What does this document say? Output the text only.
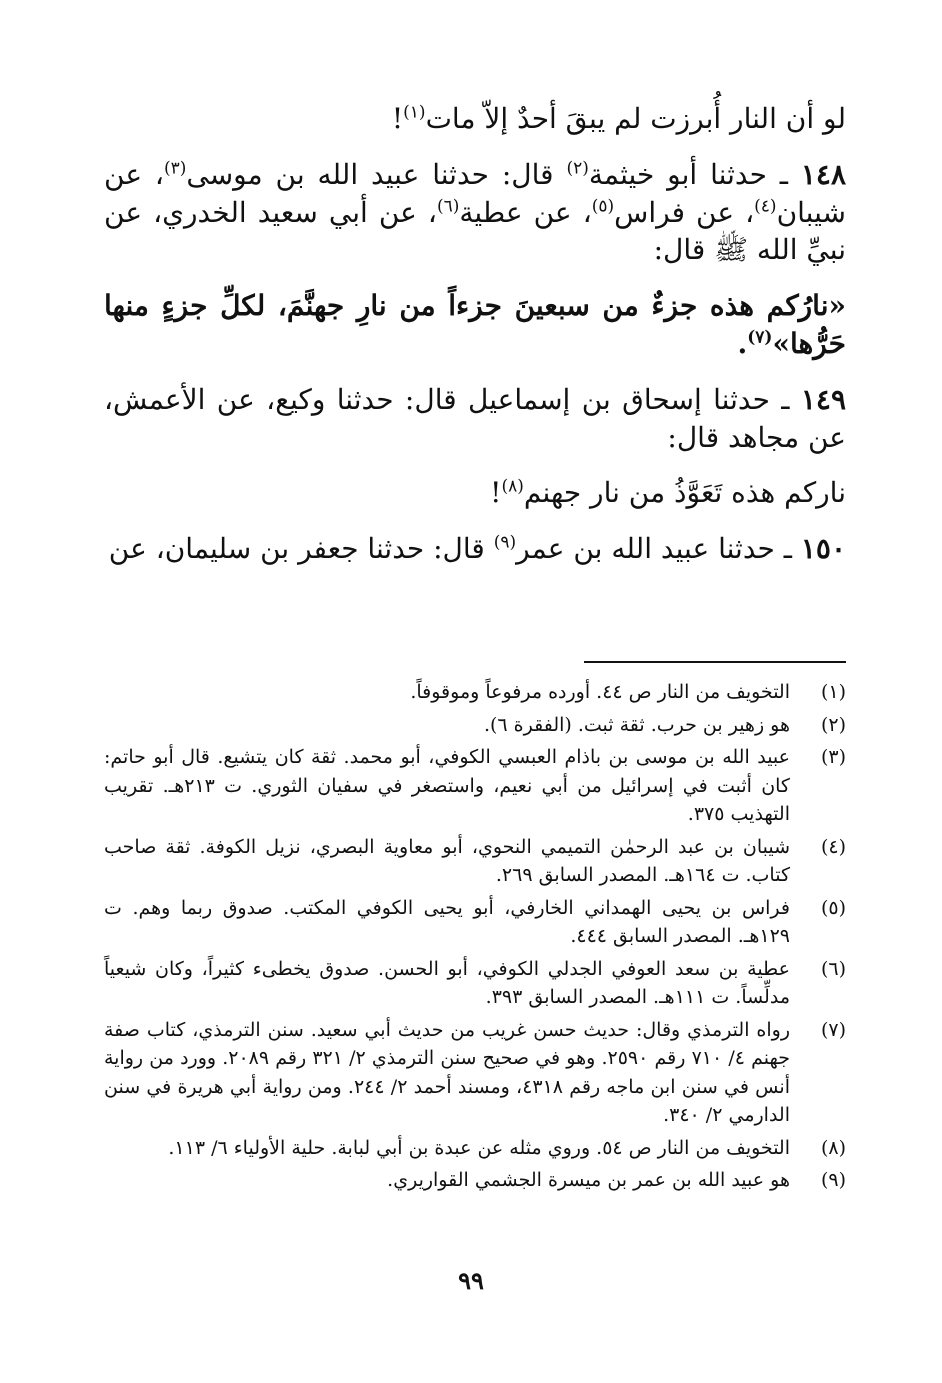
لو أن النار أُبرزت لم يبقَ أحدٌ إلاّ مات$^{(١)}$!

١٤٨ ـ حدثنا أبو خيثمة$^{(٢)}$ قال: حدثنا عبيد الله بن موسى$^{(٣)}$، عن شيبان$^{(٤)}$، عن فراس$^{(٥)}$، عن عطية$^{(٦)}$، عن أبي سعيد الخدري، عن نبيِّ الله ﷺ قال:

«نارُكم هذه جزءٌ من سبعينَ جزءاً من نارِ جهنَّمَ، لكلِّ جزءٍ منها حَرُّها»$^{(٧)}$.

١٤٩ ـ حدثنا إسحاق بن إسماعيل قال: حدثنا وكيع، عن الأعمش، عن مجاهد قال:

ناركم هذه تَعَوَّذُ من نار جهنم$^{(٨)}$!

١٥٠ ـ حدثنا عبيد الله بن عمر$^{(٩)}$ قال: حدثنا جعفر بن سليمان، عن

(١)
التخويف من النار ص ٤٤. أورده مرفوعاً وموقوفاً.
(٢)
هو زهير بن حرب. ثقة ثبت. (الفقرة ٦).
(٣)
عبيد الله بن موسى بن باذام العبسي الكوفي، أبو محمد. ثقة كان يتشيع. قال أبو حاتم: كان أثبت في إسرائيل من أبي نعيم، واستصغر في سفيان الثوري. ت ٢١٣هـ. تقريب التهذيب ٣٧٥.
(٤)
شيبان بن عبد الرحمٰن التميمي النحوي، أبو معاوية البصري، نزيل الكوفة. ثقة صاحب كتاب. ت ١٦٤هـ. المصدر السابق ٢٦٩.
(٥)
فراس بن يحيى الهمداني الخارفي، أبو يحيى الكوفي المكتب. صدوق ربما وهم. ت ١٢٩هـ. المصدر السابق ٤٤٤.
(٦)
عطية بن سعد العوفي الجدلي الكوفي، أبو الحسن. صدوق يخطىء كثيراً، وكان شيعياً مدلِّساً. ت ١١١هـ. المصدر السابق ٣٩٣.
(٧)
رواه الترمذي وقال: حديث حسن غريب من حديث أبي سعيد. سنن الترمذي، كتاب صفة جهنم ٤/ ٧١٠ رقم ٢٥٩٠. وهو في صحيح سنن الترمذي ٢/ ٣٢١ رقم ٢٠٨٩. وورد من رواية أنس في سنن ابن ماجه رقم ٤٣١٨، ومسند أحمد ٢/ ٢٤٤. ومن رواية أبي هريرة في سنن الدارمي ٢/ ٣٤٠.
(٨)
التخويف من النار ص ٥٤. وروي مثله عن عبدة بن أبي لبابة. حلية الأولياء ٦/ ١١٣.
(٩)
هو عبيد الله بن عمر بن ميسرة الجشمي القواريري.
٩٩
